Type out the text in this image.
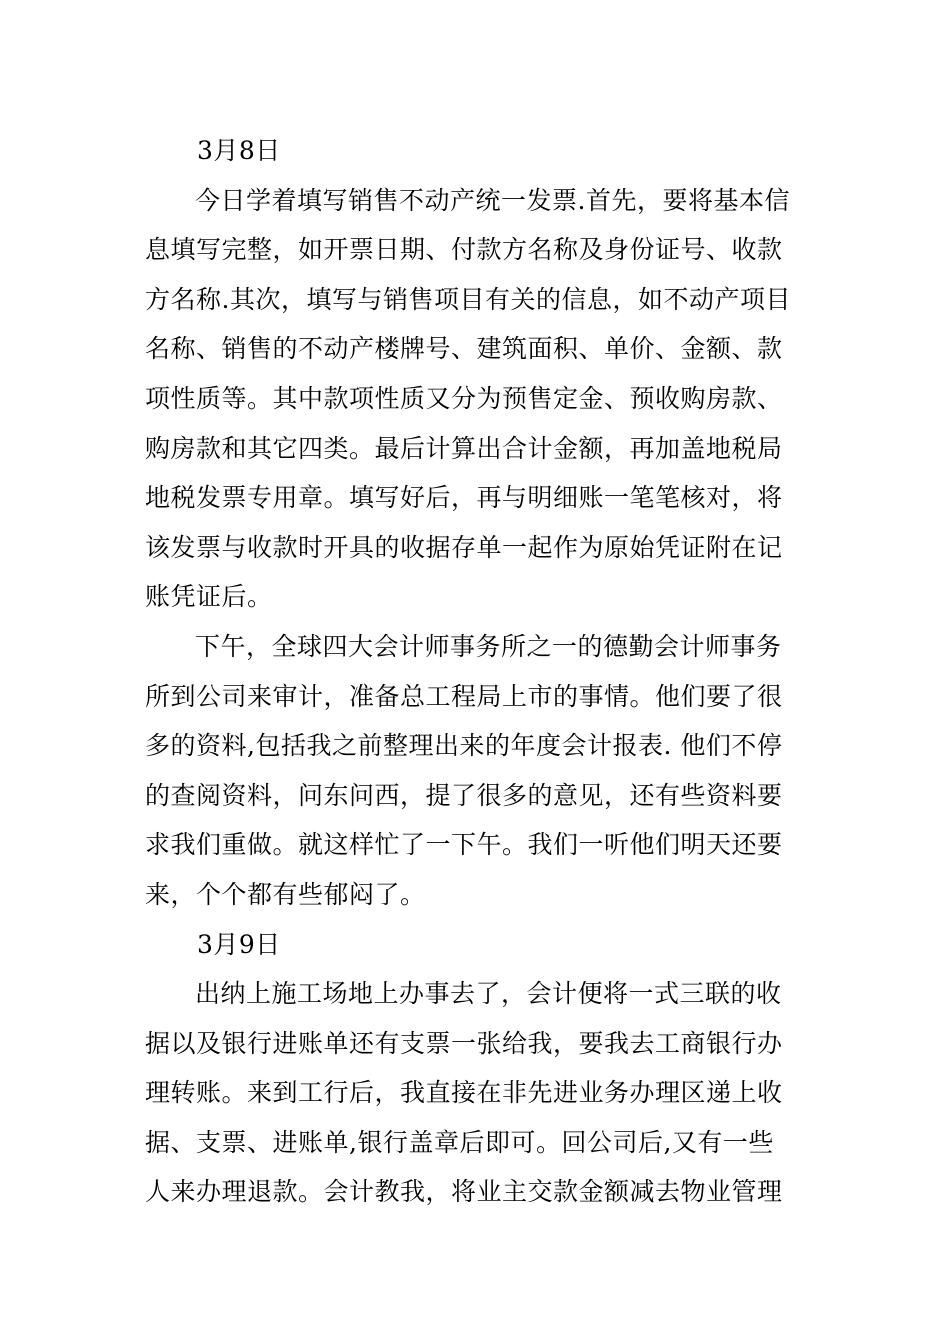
3月8日
今日学着填写销售不动产统一发票.首先，要将基本信
息填写完整，如开票日期、付款方名称及身份证号、收款
方名称.其次，填写与销售项目有关的信息，如不动产项目
名称、销售的不动产楼牌号、建筑面积、单价、金额、款
项性质等。其中款项性质又分为预售定金、预收购房款、
购房款和其它四类。最后计算出合计金额，再加盖地税局
地税发票专用章。填写好后，再与明细账一笔笔核对，将
该发票与收款时开具的收据存单一起作为原始凭证附在记
账凭证后。
下午，全球四大会计师事务所之一的德勤会计师事务
所到公司来审计，准备总工程局上市的事情。他们要了很
多的资料,包括我之前整理出来的年度会计报表. 他们不停
的查阅资料，问东问西，提了很多的意见，还有些资料要
求我们重做。就这样忙了一下午。我们一听他们明天还要
来，个个都有些郁闷了。
3月9日
出纳上施工场地上办事去了，会计便将一式三联的收
据以及银行进账单还有支票一张给我，要我去工商银行办
理转账。来到工行后，我直接在非先进业务办理区递上收
据、支票、进账单,银行盖章后即可。回公司后,又有一些
人来办理退款。会计教我，将业主交款金额减去物业管理
